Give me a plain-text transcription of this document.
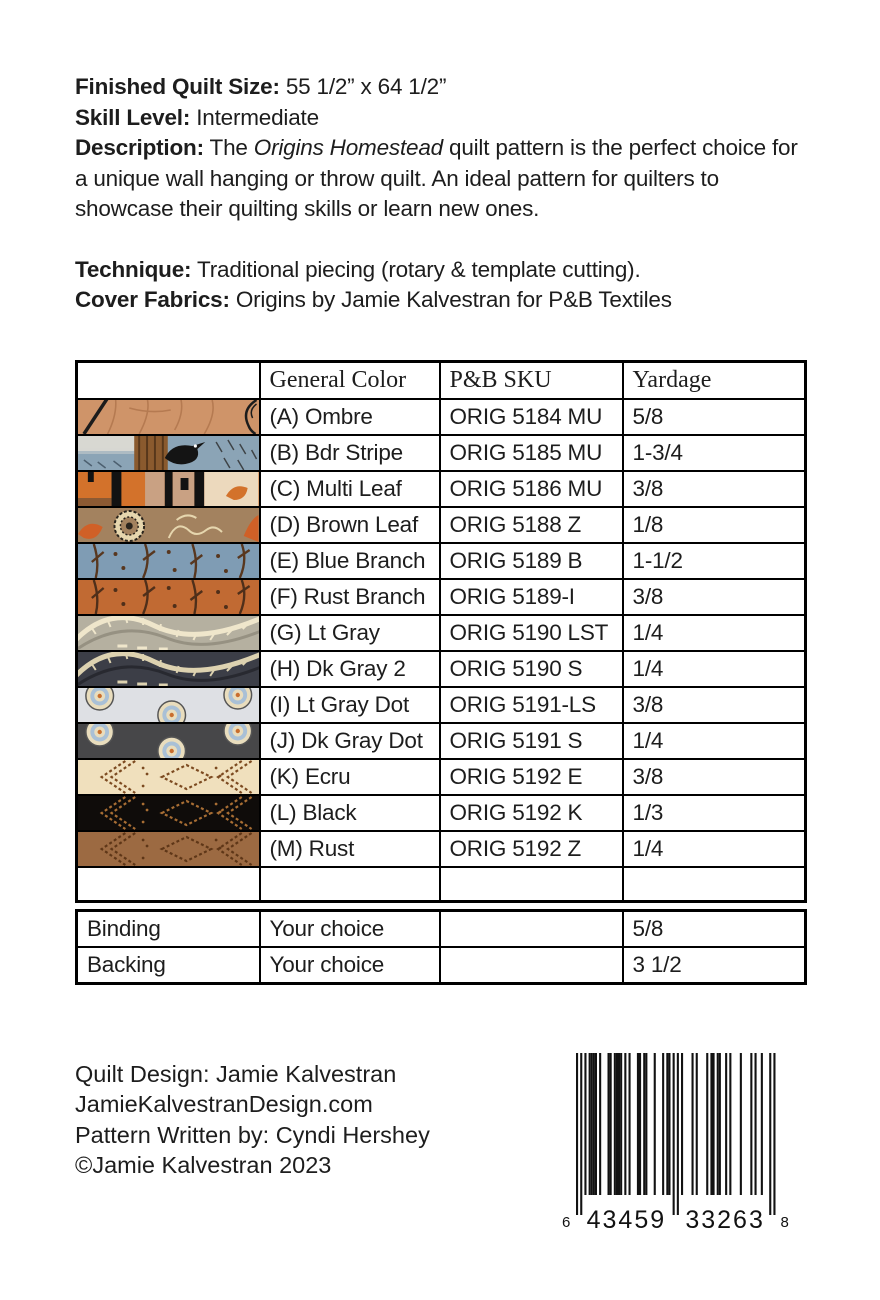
Finished Quilt Size: 55 1/2” x 64 1/2”

Skill Level: Intermediate

Description: The Origins Homestead quilt pattern is the perfect choice for a unique wall hanging or throw quilt. An ideal pattern for quilters to showcase their quilting skills or learn new ones.

Technique: Traditional piecing (rotary & template cutting).

Cover Fabrics: Origins by Jamie Kalvestran for P&B Textiles

	General Color	P&B SKU	Yardage

	(A) Ombre	ORIG 5184 MU	5/8

	(B) Bdr Stripe	ORIG 5185 MU	1-3/4

	(C) Multi Leaf	ORIG 5186 MU	3/8

	(D) Brown Leaf	ORIG 5188 Z	1/8

	(E) Blue Branch	ORIG 5189 B	1-1/2

	(F) Rust Branch	ORIG 5189-I	3/8

	(G) Lt Gray	ORIG 5190 LST	1/4

	(H) Dk Gray 2	ORIG 5190 S	1/4

	(I) Lt Gray Dot	ORIG 5191-LS	3/8

	(J) Dk Gray Dot	ORIG 5191 S	1/4

	(K) Ecru	ORIG 5192 E	3/8

	(L) Black	ORIG 5192 K	1/3

	(M) Rust	ORIG 5192 Z	1/4

Binding	Your choice		5/8
Backing	Your choice		3 1/2

Quilt Design: Jamie Kalvestran

JamieKalvestranDesign.com

Pattern Written by: Cyndi Hershey

©Jamie Kalvestran 2023

6 43459 33263 8
